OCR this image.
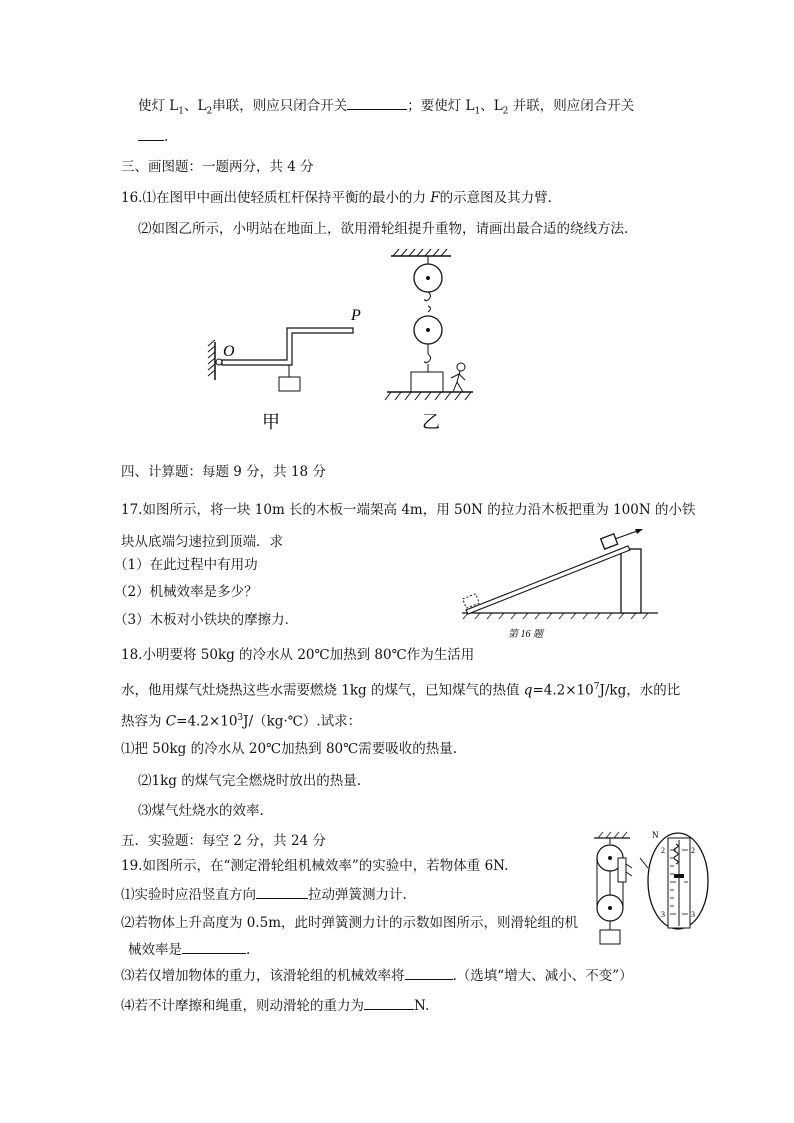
使灯 $L_1$、$L_2$串联，则应只闭合开关	；要使灯 $L_1$、$L_2$ 并联，则应闭合开关
.
三、画图题：一题两分，共 4 分
16.⑴在图甲中画出使轻质杠杆保持平衡的最小的力 F的示意图及其力臂．
⑵如图乙所示，小明站在地面上，欲用滑轮组提升重物，请画出最合适的绕线方法.
O
P
甲	乙
四、计算题：每题 9 分，共 18 分
17.如图所示，将一块 10m 长的木板一端架高 4m，用 50N 的拉力沿木板把重为 100N 的小铁
块从底端匀速拉到顶端．求
（1）在此过程中有用功
（2）机械效率是多少？
（3）木板对小铁块的摩擦力．
第 16 题
18.小明要将 50kg 的冷水从 20℃加热到 80℃作为生活用
水，他用煤气灶烧热这些水需要燃烧 1kg 的煤气，已知煤气的热值 $q=4.2\times 10^7J/kg$，水的比
热容为 $C=4.2\times 10^3J/(kg\cdot℃)$.试求：
⑴把 50kg 的冷水从 20℃加热到 80℃需要吸收的热量.
⑵1kg 的煤气完全燃烧时放出的热量.
⑶煤气灶烧水的效率.
五．实验题：每空 2 分，共 24 分
19.如图所示，在“测定滑轮组机械效率”的实验中，若物体重 6N.
⑴实验时应沿竖直方向	拉动弹簧测力计.
⑵若物体上升高度为 0.5m，此时弹簧测力计的示数如图所示，则滑轮组的机
械效率是	.
⑶若仅增加物体的重力，该滑轮组的机械效率将	.（选填“增大、减小、不变”）
⑷若不计摩擦和绳重，则动滑轮的重力为	N.
N
2	2
3	3
